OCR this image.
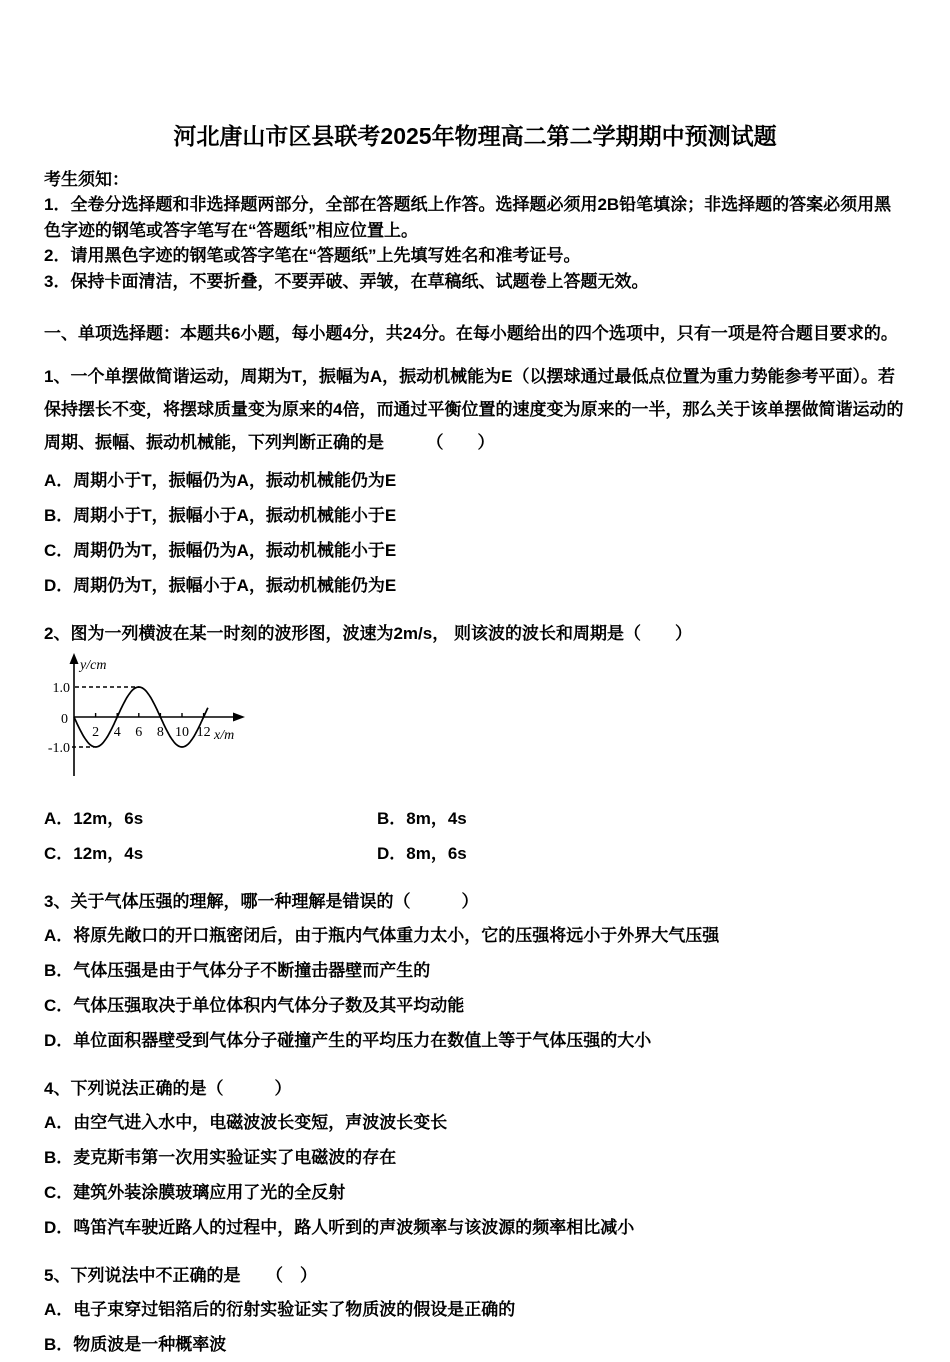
河北唐山市区县联考2025年物理高二第二学期期中预测试题

考生须知：

1．全卷分选择题和非选择题两部分，全部在答题纸上作答。选择题必须用2B铅笔填涂；非选择题的答案必须用黑色字迹的钢笔或答字笔写在“答题纸”相应位置上。

2．请用黑色字迹的钢笔或答字笔在“答题纸”上先填写姓名和准考证号。

3．保持卡面清洁，不要折叠，不要弄破、弄皱，在草稿纸、试题卷上答题无效。

一、单项选择题：本题共6小题，每小题4分，共24分。在每小题给出的四个选项中，只有一项是符合题目要求的。

1、一个单摆做简谐运动，周期为T，振幅为A，振动机械能为E（以摆球通过最低点位置为重力势能参考平面）。若保持摆长不变，将摆球质量变为原来的4倍，而通过平衡位置的速度变为原来的一半，那么关于该单摆做简谐运动的周期、振幅、振动机械能，下列判断正确的是　　　（　　）

A．周期小于T，振幅仍为A，振动机械能仍为E

B．周期小于T，振幅小于A，振动机械能小于E

C．周期仍为T，振幅仍为A，振动机械能小于E

D．周期仍为T，振幅小于A，振动机械能仍为E

2、图为一列横波在某一时刻的波形图，波速为2m/s， 则该波的波长和周期是（　　）

2 4 6 8 10 12
y/cm
x/m
1.0
0
-1.0

A．12m，6s	B．8m，4s

C．12m，4s	D．8m，6s

3、关于气体压强的理解，哪一种理解是错误的（　　　）

A．将原先敞口的开口瓶密闭后，由于瓶内气体重力太小，它的压强将远小于外界大气压强

B．气体压强是由于气体分子不断撞击器壁而产生的

C．气体压强取决于单位体积内气体分子数及其平均动能

D．单位面积器壁受到气体分子碰撞产生的平均压力在数值上等于气体压强的大小

4、下列说法正确的是（　　　）

A．由空气进入水中，电磁波波长变短，声波波长变长

B．麦克斯韦第一次用实验证实了电磁波的存在

C．建筑外装涂膜玻璃应用了光的全反射

D．鸣笛汽车驶近路人的过程中，路人听到的声波频率与该波源的频率相比减小

5、下列说法中不正确的是　　（　）

A．电子束穿过铝箔后的衍射实验证实了物质波的假设是正确的

B．物质波是一种概率波
